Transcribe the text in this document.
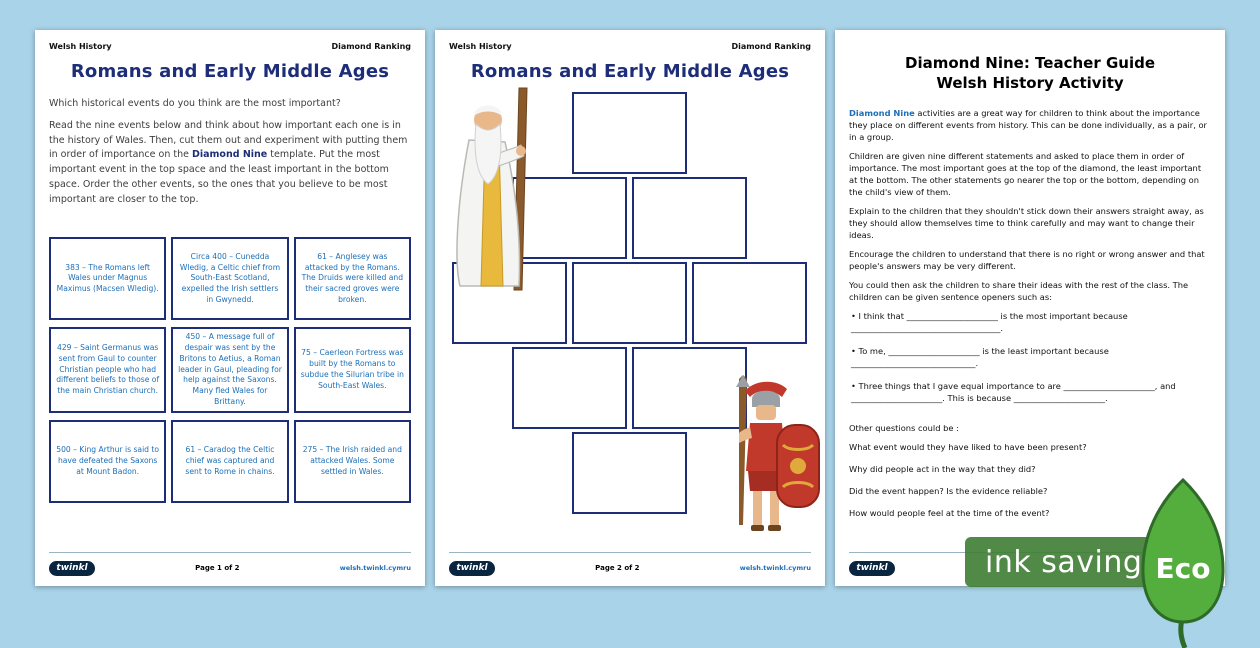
Welsh History	Diamond Ranking
Romans and Early Middle Ages

Which historical events do you think are the most important?

Read the nine events below and think about how important each one is in the history of Wales. Then, cut them out and experiment with putting them in order of importance on the Diamond Nine template. Put the most important event in the top space and the least important in the bottom space. Order the other events, so the ones that you believe to be most important are closer to the top.

383 – The Romans left Wales under Magnus Maximus (Macsen Wledig).
Circa 400 – Cunedda Wledig, a Celtic chief from South-East Scotland, expelled the Irish settlers in Gwynedd.
61 – Anglesey was attacked by the Romans. The Druids were killed and their sacred groves were broken.
429 – Saint Germanus was sent from Gaul to counter Christian people who had different beliefs to those of the main Christian church.
450 – A message full of despair was sent by the Britons to Aetius, a Roman leader in Gaul, pleading for help against the Saxons. Many fled Wales for Brittany.
75 – Caerleon Fortress was built by the Romans to subdue the Silurian tribe in South-East Wales.
500 – King Arthur is said to have defeated the Saxons at Mount Badon.
61 – Caradog the Celtic chief was captured and sent to Rome in chains.
275 – The Irish raided and attacked Wales. Some settled in Wales.
twinkl	Page 1 of 2	welsh.twinkl.cymru
Welsh History	Diamond Ranking
Romans and Early Middle Ages
twinkl	Page 2 of 2	welsh.twinkl.cymru
Diamond Nine: Teacher Guide
Welsh History Activity

Diamond Nine activities are a great way for children to think about the importance they place on different events from history. This can be done individually, as a pair, or in a group.

Children are given nine different statements and asked to place them in order of importance. The most important goes at the top of the diamond, the least important at the bottom. The other statements go nearer the top or the bottom, depending on the child's view of them.

Explain to the children that they shouldn't stick down their answers straight away, as they should allow themselves time to think carefully and may want to change their ideas.

Encourage the children to understand that there is no right or wrong answer and that people's answers may be very different.

You could then ask the children to share their ideas with the rest of the class. The children can be given sentence openers such as:

• I think that ______________________ is the most important because ____________________________________.
• To me, ______________________ is the least important because ______________________________.
• Three things that I gave equal importance to are ______________________, and ______________________. This is because ______________________.

Other questions could be :

What event would they have liked to have been present?
Why did people act in the way that they did?
Did the event happen? Is the evidence reliable?
How would people feel at the time of the event?
twinkl	ink saving Eco
